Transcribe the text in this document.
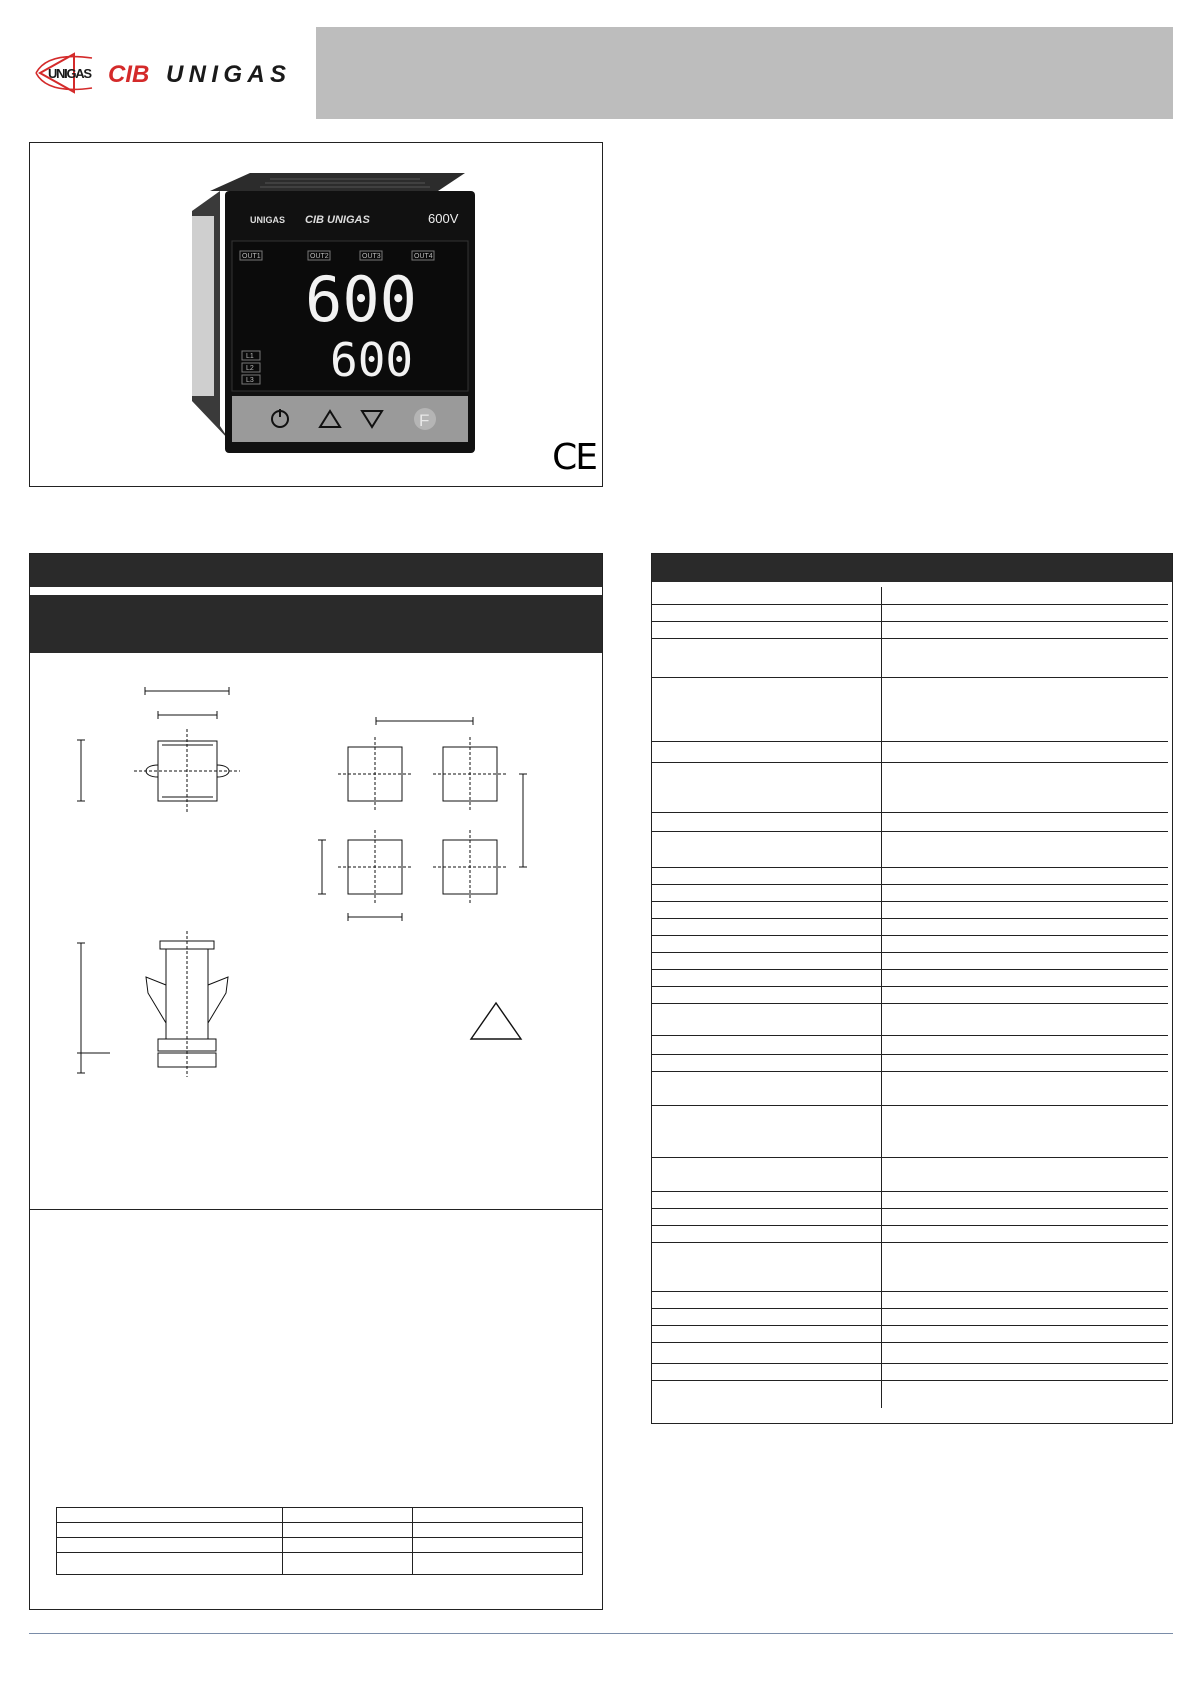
UNIGAS CIB UNIGAS
UNIGAS CIB UNIGAS	600V
OUT1	OUT2	OUT3	OUT4
600
600
L1
L2
L3
F
CE
